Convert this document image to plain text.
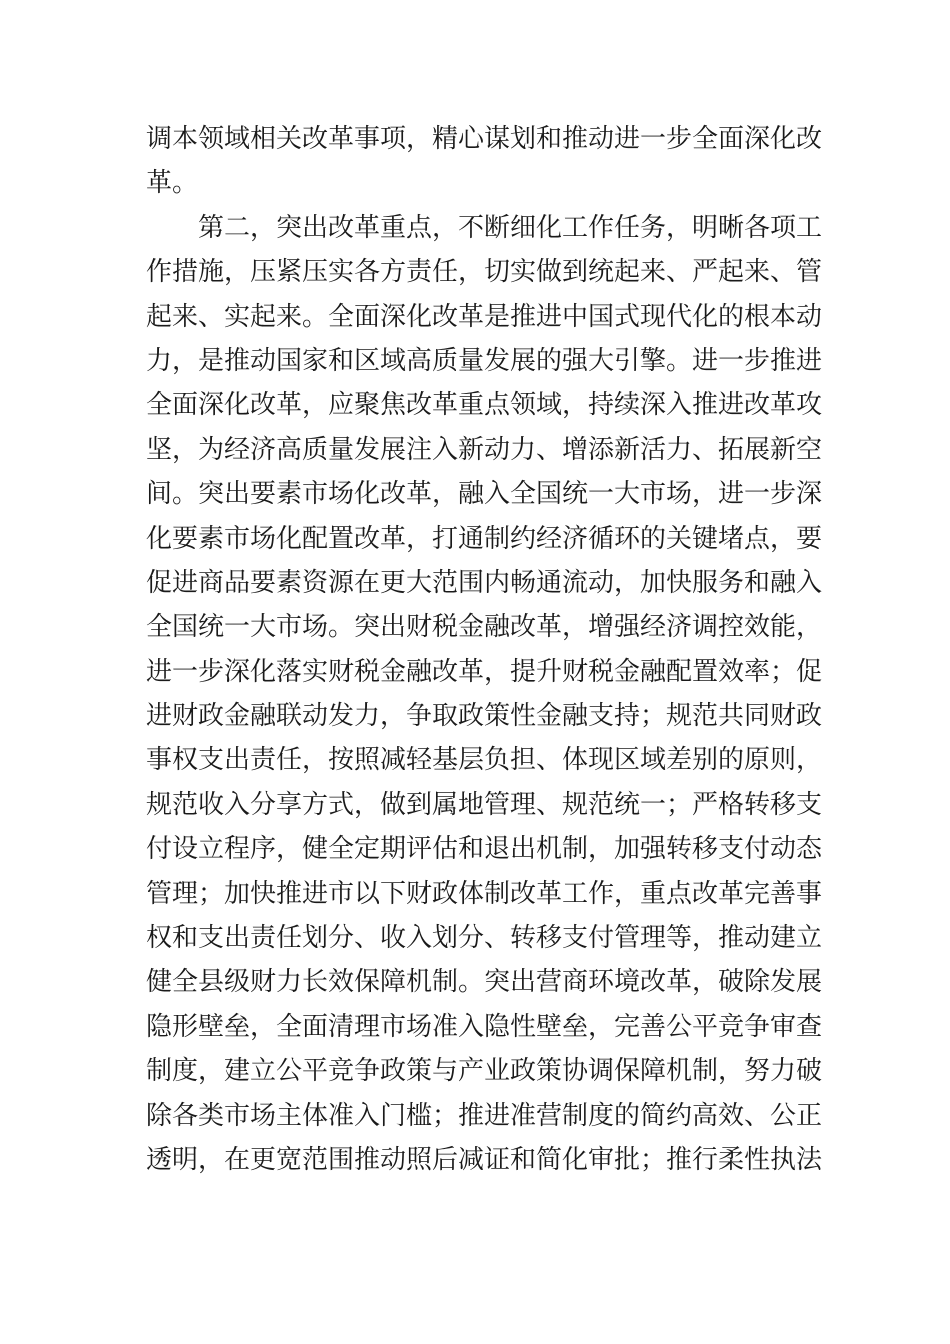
调本领域相关改革事项，精心谋划和推动进一步全面深化改
革。
第二，突出改革重点，不断细化工作任务，明晰各项工
作措施，压紧压实各方责任，切实做到统起来、严起来、管
起来、实起来。全面深化改革是推进中国式现代化的根本动
力，是推动国家和区域高质量发展的强大引擎。进一步推进
全面深化改革，应聚焦改革重点领域，持续深入推进改革攻
坚，为经济高质量发展注入新动力、增添新活力、拓展新空
间。突出要素市场化改革，融入全国统一大市场，进一步深
化要素市场化配置改革，打通制约经济循环的关键堵点，要
促进商品要素资源在更大范围内畅通流动，加快服务和融入
全国统一大市场。突出财税金融改革，增强经济调控效能，
进一步深化落实财税金融改革，提升财税金融配置效率；促
进财政金融联动发力，争取政策性金融支持；规范共同财政
事权支出责任，按照减轻基层负担、体现区域差别的原则，
规范收入分享方式，做到属地管理、规范统一；严格转移支
付设立程序，健全定期评估和退出机制，加强转移支付动态
管理；加快推进市以下财政体制改革工作，重点改革完善事
权和支出责任划分、收入划分、转移支付管理等，推动建立
健全县级财力长效保障机制。突出营商环境改革，破除发展
隐形壁垒，全面清理市场准入隐性壁垒，完善公平竞争审查
制度，建立公平竞争政策与产业政策协调保障机制，努力破
除各类市场主体准入门槛；推进准营制度的简约高效、公正
透明，在更宽范围推动照后减证和简化审批；推行柔性执法
